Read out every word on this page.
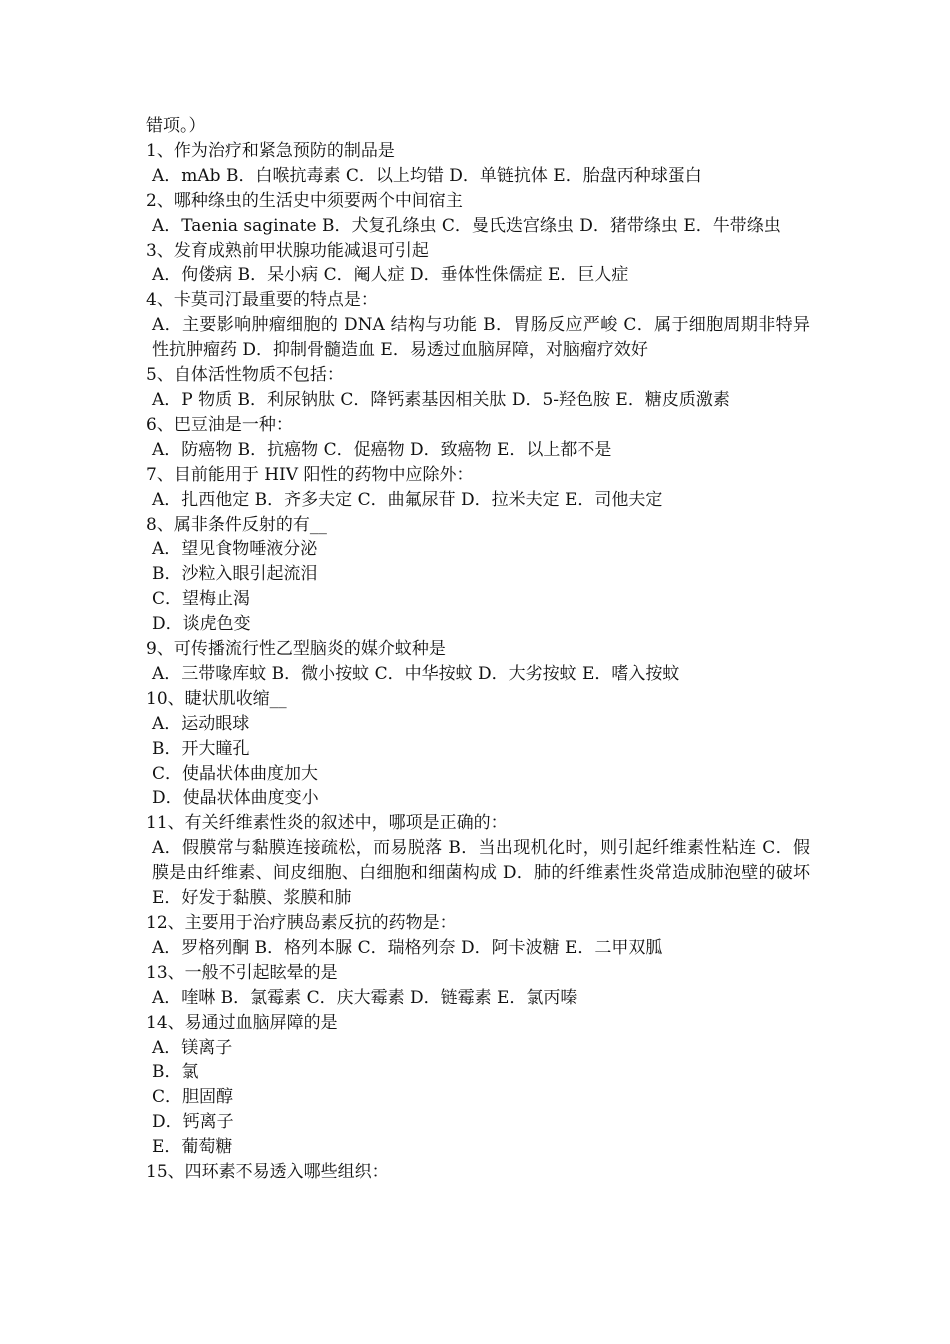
错项。）
1、作为治疗和紧急预防的制品是
A．mAb B．白喉抗毒素 C．以上均错 D．单链抗体 E．胎盘丙种球蛋白
2、哪种绦虫的生活史中须要两个中间宿主
A．Taenia saginate B．犬复孔绦虫 C．曼氏迭宫绦虫 D．猪带绦虫 E．牛带绦虫
3、发育成熟前甲状腺功能减退可引起
A．佝偻病 B．呆小病 C．阉人症 D．垂体性侏儒症 E．巨人症
4、卡莫司汀最重要的特点是：
A．主要影响肿瘤细胞的 DNA 结构与功能 B．胃肠反应严峻 C．属于细胞周期非特异性抗肿瘤药 D．抑制骨髓造血 E．易透过血脑屏障，对脑瘤疗效好
5、自体活性物质不包括：
A．P 物质 B．利尿钠肽 C．降钙素基因相关肽 D．5-羟色胺 E．糖皮质激素
6、巴豆油是一种：
A．防癌物 B．抗癌物 C．促癌物 D．致癌物 E．以上都不是
7、目前能用于 HIV 阳性的药物中应除外：
A．扎西他定 B．齐多夫定 C．曲氟尿苷 D．拉米夫定 E．司他夫定
8、属非条件反射的有__
A．望见食物唾液分泌
B．沙粒入眼引起流泪
C．望梅止渴
D．谈虎色变
9、可传播流行性乙型脑炎的媒介蚊种是
A．三带喙库蚊 B．微小按蚊 C．中华按蚊 D．大劣按蚊 E．嗜入按蚊
10、睫状肌收缩__
A．运动眼球
B．开大瞳孔
C．使晶状体曲度加大
D．使晶状体曲度变小
11、有关纤维素性炎的叙述中，哪项是正确的：
A．假膜常与黏膜连接疏松，而易脱落 B．当出现机化时，则引起纤维素性粘连 C．假膜是由纤维素、间皮细胞、白细胞和细菌构成 D．肺的纤维素性炎常造成肺泡壁的破坏 E．好发于黏膜、浆膜和肺
12、主要用于治疗胰岛素反抗的药物是：
A．罗格列酮 B．格列本脲 C．瑞格列奈 D．阿卡波糖 E．二甲双胍
13、一般不引起眩晕的是
A．喹啉 B．氯霉素 C．庆大霉素 D．链霉素 E．氯丙嗪
14、易通过血脑屏障的是
A．镁离子
B．氯
C．胆固醇
D．钙离子
E．葡萄糖
15、四环素不易透入哪些组织：
